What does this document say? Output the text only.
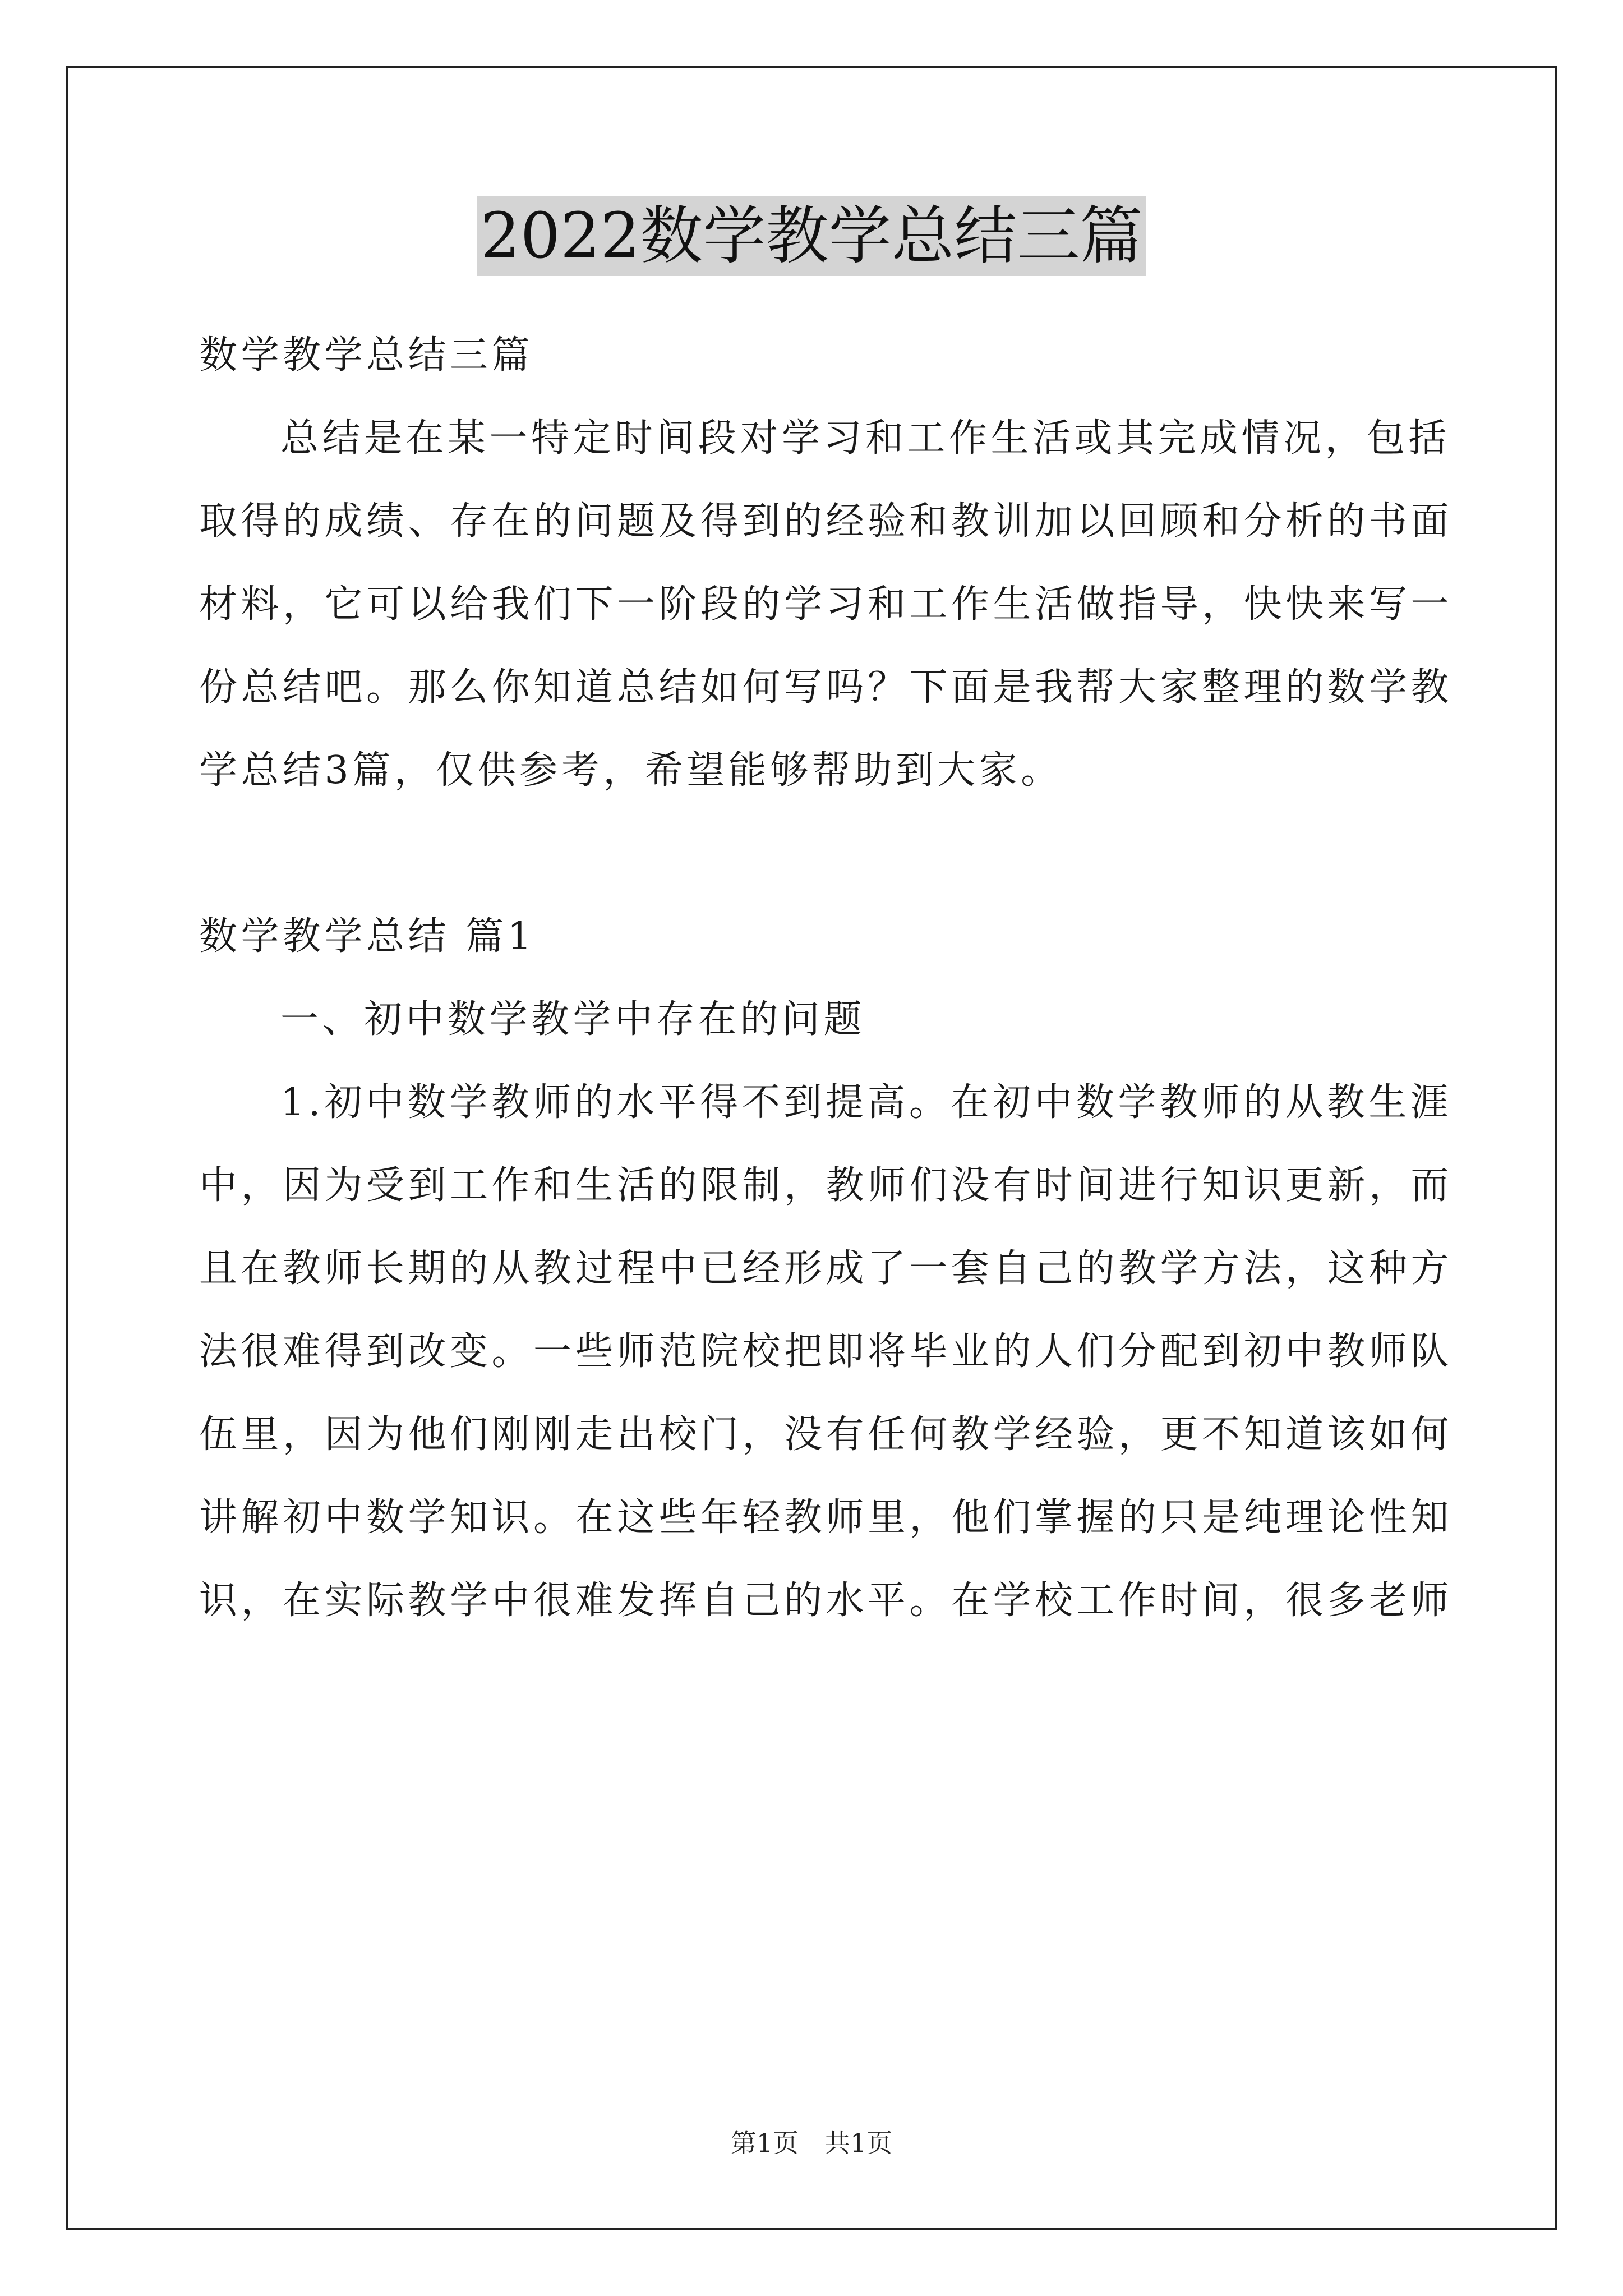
2022数学教学总结三篇
数学教学总结三篇
总结是在某一特定时间段对学习和工作生活或其完成情况，包括
取得的成绩、存在的问题及得到的经验和教训加以回顾和分析的书面
材料，它可以给我们下一阶段的学习和工作生活做指导，快快来写一
份总结吧。那么你知道总结如何写吗？下面是我帮大家整理的数学教
学总结3篇，仅供参考，希望能够帮助到大家。
数学教学总结 篇1
一、初中数学教学中存在的问题
1.初中数学教师的水平得不到提高。在初中数学教师的从教生涯
中，因为受到工作和生活的限制，教师们没有时间进行知识更新，而
且在教师长期的从教过程中已经形成了一套自己的教学方法，这种方
法很难得到改变。一些师范院校把即将毕业的人们分配到初中教师队
伍里，因为他们刚刚走出校门，没有任何教学经验，更不知道该如何
讲解初中数学知识。在这些年轻教师里，他们掌握的只是纯理论性知
识，在实际教学中很难发挥自己的水平。在学校工作时间，很多老师
第1页　共1页
